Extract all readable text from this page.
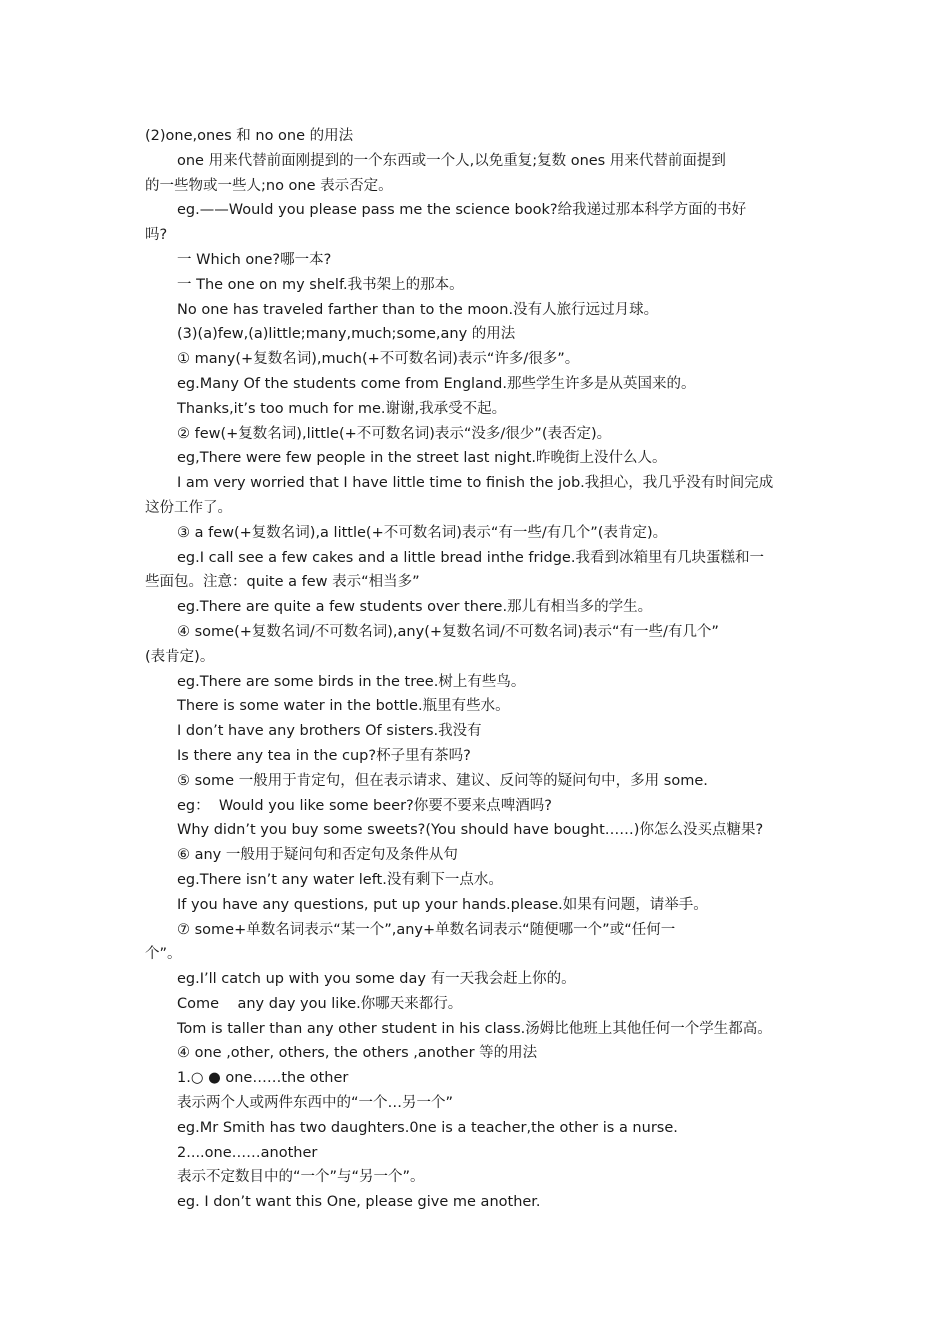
(2)one,ones 和 no one 的用法
one 用来代替前面刚提到的一个东西或一个人,以免重复;复数 ones 用来代替前面提到
的一些物或一些人;no one 表示否定。
eg.——Would you please pass me the science book?给我递过那本科学方面的书好
吗?
一 Which one?哪一本?
一 The one on my shelf.我书架上的那本。
No one has traveled farther than to the moon.没有人旅行远过月球。
(3)(a)few,(a)little;many,much;some,any 的用法
① many(+复数名词),much(+不可数名词)表示“许多/很多”。
eg.Many Of the students come from England.那些学生许多是从英国来的。
Thanks,it’s too much for me.谢谢,我承受不起。
② few(+复数名词),little(+不可数名词)表示“没多/很少”(表否定)。
eg,There were few people in the street last night.昨晚街上没什么人。
I am very worried that I have little time to finish the job.我担心，我几乎没有时间完成
这份工作了。
③ a few(+复数名词),a little(+不可数名词)表示“有一些/有几个”(表肯定)。
eg.I call see a few cakes and a little bread inthe fridge.我看到冰箱里有几块蛋糕和一
些面包。注意：quite a few 表示“相当多”
eg.There are quite a few students over there.那儿有相当多的学生。
④ some(+复数名词/不可数名词),any(+复数名词/不可数名词)表示“有一些/有几个”
(表肯定)。
eg.There are some birds in the tree.树上有些鸟。
There is some water in the bottle.瓶里有些水。
I don’t have any brothers Of sisters.我没有
Is there any tea in the cup?杯子里有茶吗?
⑤ some 一般用于肯定句，但在表示请求、建议、反问等的疑问句中，多用 some.
eg：  Would you like some beer?你要不要来点啤酒吗?
Why didn’t you buy some sweets?(You should have bought……)你怎么没买点糖果?
⑥ any 一般用于疑问句和否定句及条件从句
eg.There isn’t any water left.没有剩下一点水。
If you have any questions, put up your hands.please.如果有问题，请举手。
⑦ some+单数名词表示“某一个”,any+单数名词表示“随便哪一个”或“任何一
个”。
eg.I’ll catch up with you some day 有一天我会赶上你的。
Come    any day you like.你哪天来都行。
Tom is taller than any other student in his class.汤姆比他班上其他任何一个学生都高。
④ one ,other, others, the others ,another 等的用法
1.○ ● one……the other
表示两个人或两件东西中的“一个…另一个”
eg.Mr Smith has two daughters.0ne is a teacher,the other is a nurse.
2....one……another
表示不定数目中的“一个”与“另一个”。
eg. I don’t want this One, please give me another.
